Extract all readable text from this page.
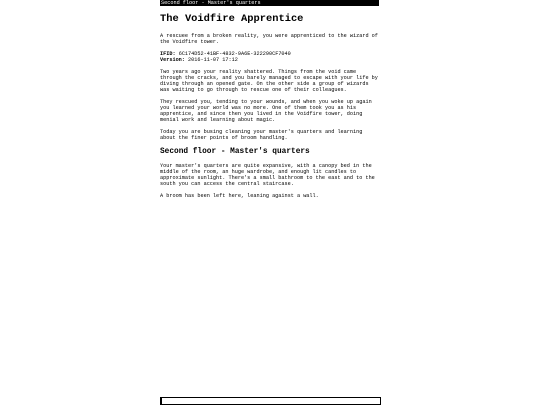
Second floor - Master's quarters
The Voidfire Apprentice

A rescuee from a broken reality, you were apprenticed to the wizard of the Voidfire tower.

IFID: 6C174D52-41BF-4832-9A6E-322290CF7040

Version: 2016-11-07 17:12

Two years ago your reality shattered. Things from the void came through the cracks, and you barely managed to escape with your life by diving through an opened gate. On the other side a group of wizards was waiting to go through to rescue one of their colleagues.

They rescued you, tending to your wounds, and when you woke up again you learned your world was no more. One of them took you as his apprentice, and since then you lived in the Voidfire tower, doing menial work and learning about magic.

Today you are busing cleaning your master's quarters and learning about the finer points of broom handling.

Second floor - Master's quarters

Your master's quarters are quite expansive, with a canopy bed in the middle of the room, an huge wardrobe, and enough lit candles to approximate sunlight. There's a small bathroom to the east and to the south you can access the central staircase.

A broom has been left here, leaning against a wall.
